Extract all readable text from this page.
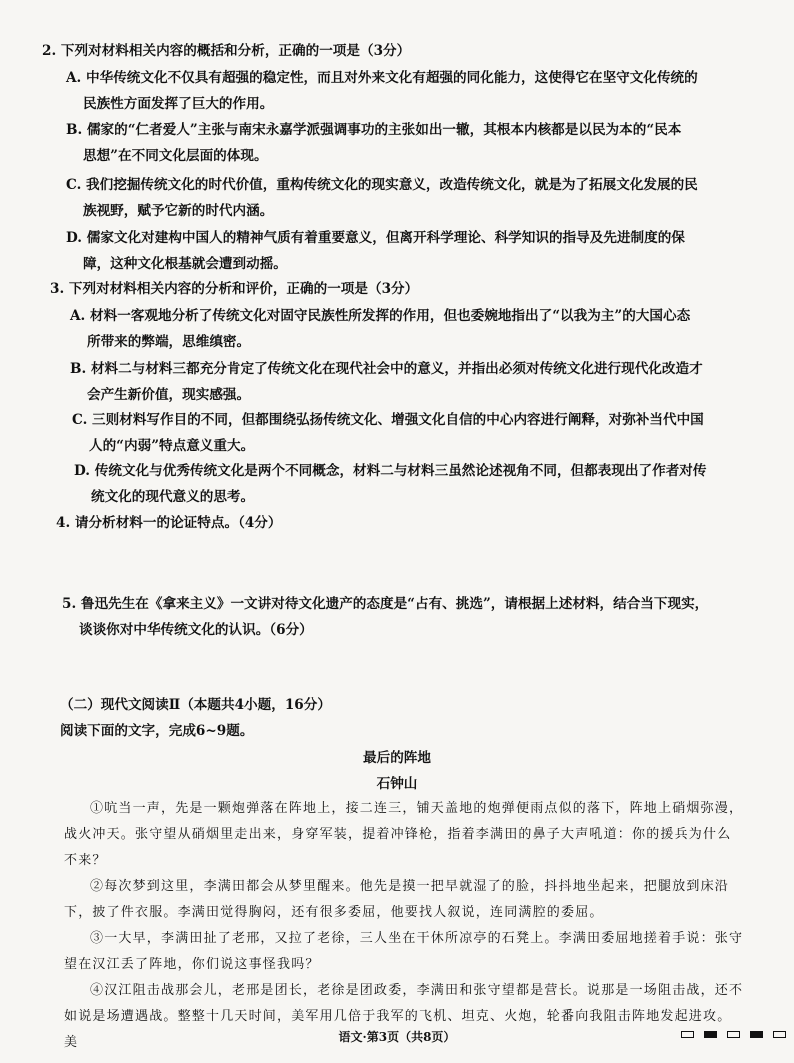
2. 下列对材料相关内容的概括和分析，正确的一项是（3分）
A. 中华传统文化不仅具有超强的稳定性，而且对外来文化有超强的同化能力，这使得它在坚守文化传统的
民族性方面发挥了巨大的作用。
B. 儒家的“仁者爱人”主张与南宋永嘉学派强调事功的主张如出一辙，其根本内核都是以民为本的“民本
思想”在不同文化层面的体现。
C. 我们挖掘传统文化的时代价值，重构传统文化的现实意义，改造传统文化，就是为了拓展文化发展的民
族视野，赋予它新的时代内涵。
D. 儒家文化对建构中国人的精神气质有着重要意义，但离开科学理论、科学知识的指导及先进制度的保
障，这种文化根基就会遭到动摇。
3. 下列对材料相关内容的分析和评价，正确的一项是（3分）
A. 材料一客观地分析了传统文化对固守民族性所发挥的作用，但也委婉地指出了“以我为主”的大国心态
所带来的弊端，思维缜密。
B. 材料二与材料三都充分肯定了传统文化在现代社会中的意义，并指出必须对传统文化进行现代化改造才
会产生新价值，现实感强。
C. 三则材料写作目的不同，但都围绕弘扬传统文化、增强文化自信的中心内容进行阐释，对弥补当代中国
人的“内弱”特点意义重大。
D. 传统文化与优秀传统文化是两个不同概念，材料二与材料三虽然论述视角不同，但都表现出了作者对传
统文化的现代意义的思考。
4. 请分析材料一的论证特点。（4分）
5. 鲁迅先生在《拿来主义》一文讲对待文化遗产的态度是“占有、挑选”，请根据上述材料，结合当下现实，
谈谈你对中华传统文化的认识。（6分）
（二）现代文阅读Ⅱ（本题共4小题，16分）
阅读下面的文字，完成6~9题。
最后的阵地
石钟山

①吭当一声，先是一颗炮弹落在阵地上，接二连三，铺天盖地的炮弹便雨点似的落下，阵地上硝烟弥漫，战火冲天。张守望从硝烟里走出来，身穿军装，提着冲锋枪，指着李满田的鼻子大声吼道：你的援兵为什么不来？

②每次梦到这里，李满田都会从梦里醒来。他先是摸一把早就湿了的脸，抖抖地坐起来，把腿放到床沿下，披了件衣服。李满田觉得胸闷，还有很多委屈，他要找人叙说，连同满腔的委屈。

③一大早，李满田扯了老邢，又拉了老徐，三人坐在干休所凉亭的石凳上。李满田委屈地搓着手说：张守望在汉江丢了阵地，你们说这事怪我吗？

④汉江阻击战那会儿，老邢是团长，老徐是团政委，李满田和张守望都是营长。说那是一场阻击战，还不如说是场遭遇战。整整十几天时间，美军用几倍于我军的飞机、坦克、火炮，轮番向我阻击阵地发起进攻。美	语文·第3页（共8页）
